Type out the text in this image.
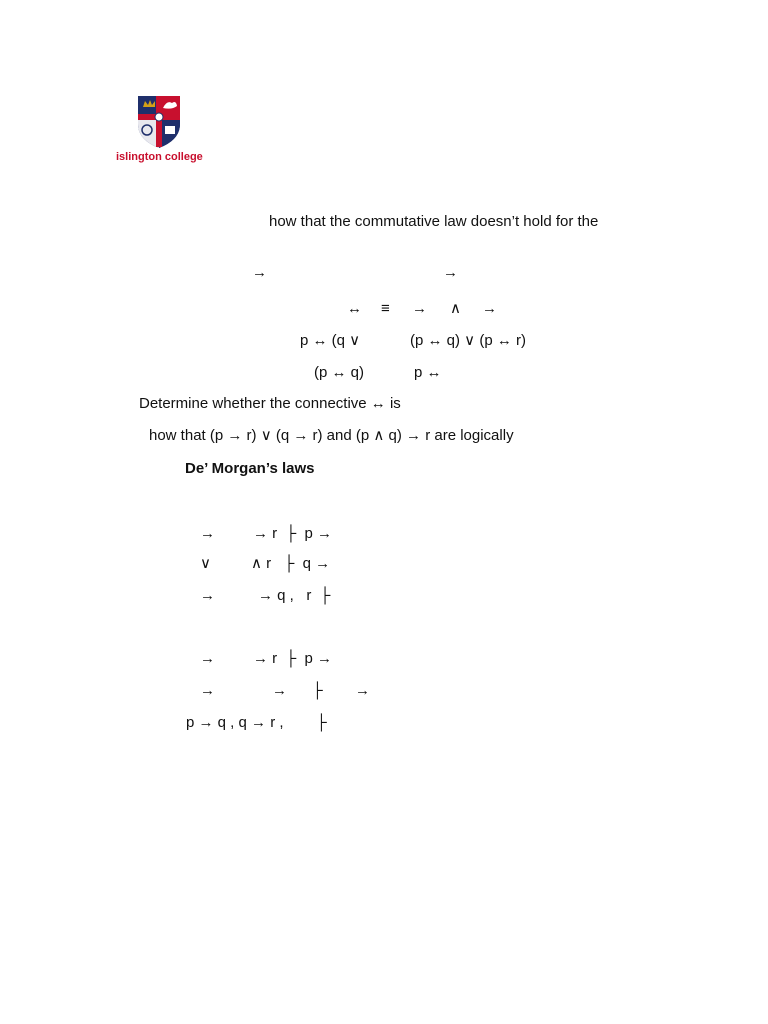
islington college
how that the commutative law doesn’t hold for the
→	→
↔ ≡ → ∧ →
p ↔ (q ∨	(p ↔ q) ∨ (p ↔ r)
(p ↔ q)	p ↔
Determine whether the connective ↔ is
how that (p → r) ∨ (q → r) and (p ∧ q) → r are logically
De’ Morgan’s laws
→	→ r  ├  p →
∨	∧ r   ├  q →
→	→ q ,   r  ├
→	→ r  ├  p →
→	→ ├ →
p → q , q → r , ├
